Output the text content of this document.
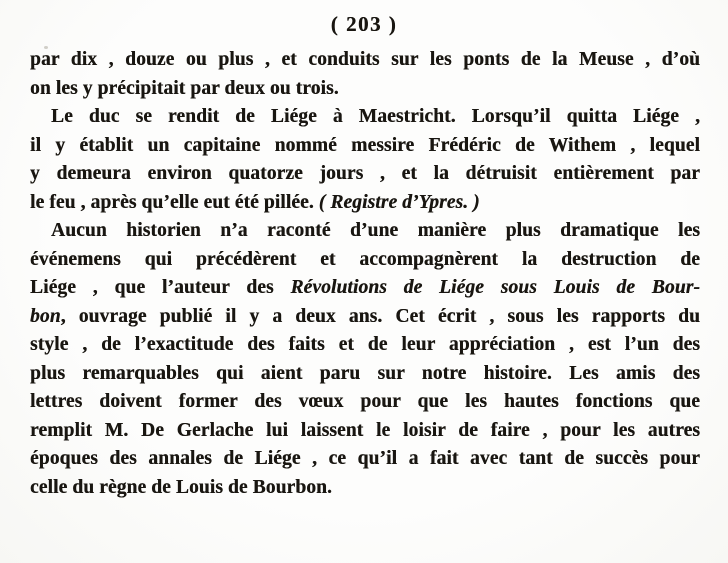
( 203 )
par dix , douze ou plus , et conduits sur les ponts de la Meuse , d’où
on les y précipitait par deux ou trois.
Le duc se rendit de Liége à Maestricht. Lorsqu’il quitta Liége ,
il y établit un capitaine nommé messire Frédéric de Withem , lequel
y demeura environ quatorze jours , et la détruisit entièrement par
le feu , après qu’elle eut été pillée. ( Registre d’Ypres. )
Aucun historien n’a raconté d’une manière plus dramatique les
événemens qui précédèrent et accompagnèrent la destruction de
Liége , que l’auteur des Révolutions de Liége sous Louis de Bour-
bon, ouvrage publié il y a deux ans. Cet écrit , sous les rapports du
style , de l’exactitude des faits et de leur appréciation , est l’un des
plus remarquables qui aient paru sur notre histoire. Les amis des
lettres doivent former des vœux pour que les hautes fonctions que
remplit M. De Gerlache lui laissent le loisir de faire , pour les autres
époques des annales de Liége , ce qu’il a fait avec tant de succès pour
celle du règne de Louis de Bourbon.
